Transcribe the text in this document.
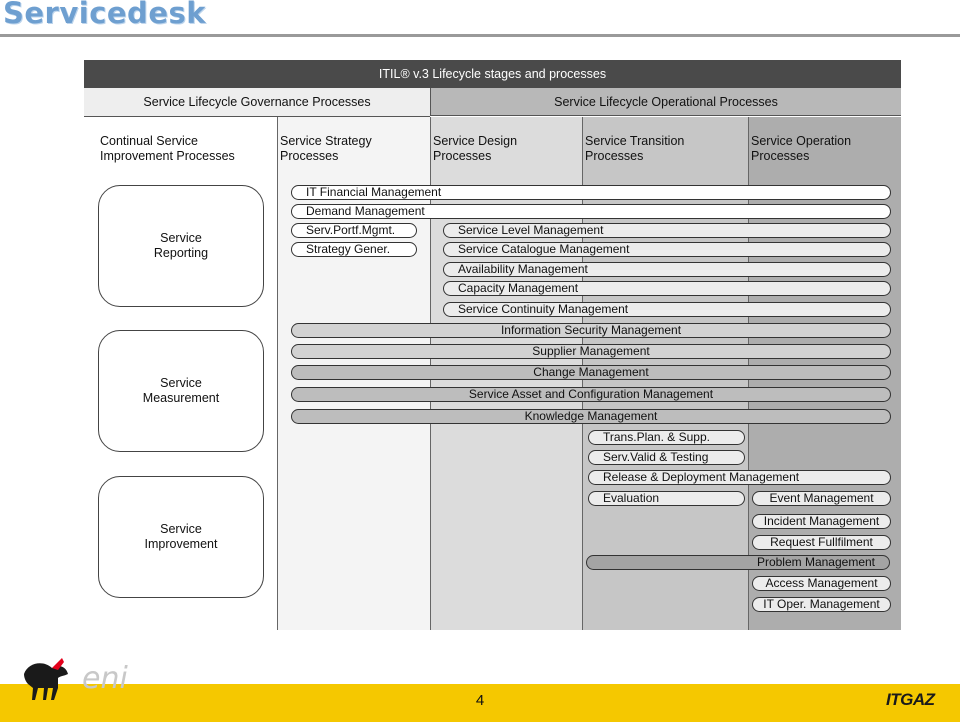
Servicedesk
ITIL® v.3 Lifecycle stages and processes
Service Lifecycle Governance Processes	Service Lifecycle Operational Processes
Continual Service
Improvement Processes
Service
Reporting
Service
Measurement
Service
Improvement
Service Strategy
Processes
Service Design
Processes
Service Transition
Processes
Service Operation
Processes
IT Financial Management
Demand Management
Serv.Portf.Mgmt.
Strategy Gener.
Service Level Management
Service Catalogue Management
Availability Management
Capacity Management
Service Continuity Management
Information Security Management
Supplier Management
Change Management
Service Asset and Configuration Management
Knowledge Management
Trans.Plan. & Supp.
Serv.Valid & Testing
Release & Deployment Management
Evaluation	Event Management
Incident Management
Request Fullfilment
Problem Management
Access Management
IT Oper. Management
eni
4	ITGAZ
